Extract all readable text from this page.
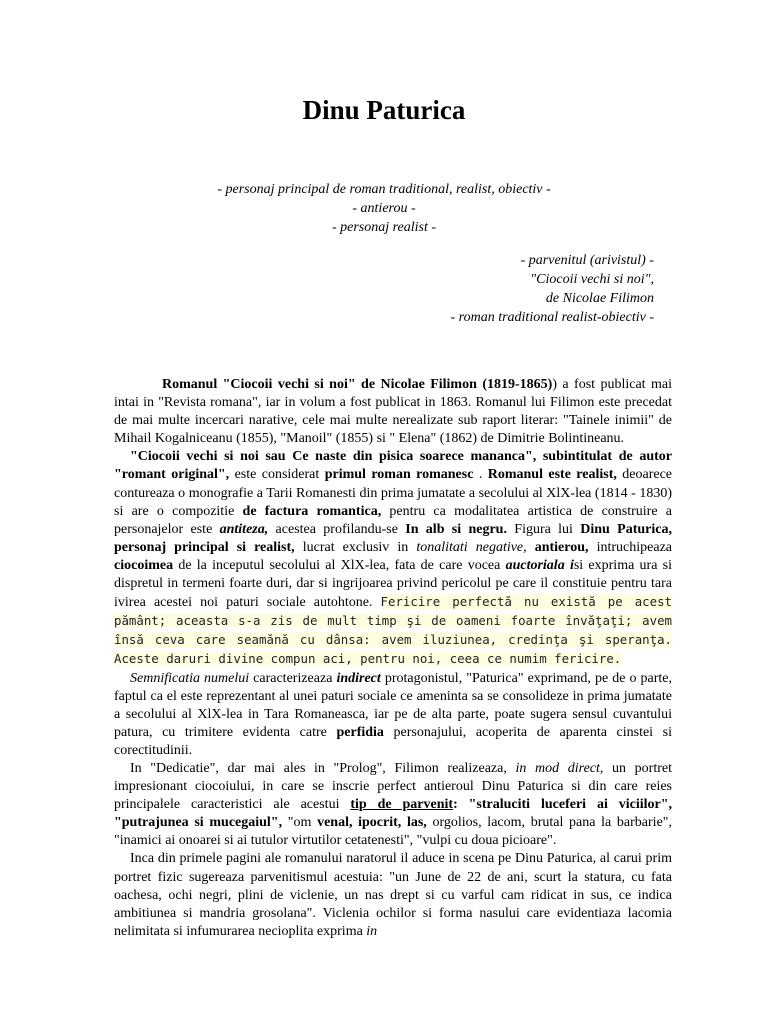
Dinu Paturica
- personaj principal de roman traditional, realist, obiectiv -
- antierou -
- personaj realist -
- parvenitul (arivistul) -
"Ciocoii vechi si noi",
de Nicolae Filimon
- roman traditional realist-obiectiv -

Romanul "Ciocoii vechi si noi" de Nicolae Filimon (1819-1865)) a fost publicat mai intai in "Revista romana", iar in volum a fost publicat in 1863. Romanul lui Filimon este precedat de mai multe incercari narative, cele mai multe nerealizate sub raport literar: "Tainele inimii" de Mihail Kogalniceanu (1855), "Manoil" (1855) si " Elena" (1862) de Dimitrie Bolintineanu.

"Ciocoii vechi si noi sau Ce naste din pisica soarece mananca", subintitulat de autor "romant original", este considerat primul roman romanesc . Romanul este realist, deoarece contureaza o monografie a Tarii Romanesti din prima jumatate a secolului al XlX-lea (1814 - 1830) si are o compozitie de factura romantica, pentru ca modalitatea artistica de construire a personajelor este antiteza, acestea profilandu-se In alb si negru. Figura lui Dinu Paturica, personaj principal si realist, lucrat exclusiv in tonalitati negative, antierou, intruchipeaza ciocoimea de la inceputul secolului al XlX-lea, fata de care vocea auctoriala isi exprima ura si dispretul in termeni foarte duri, dar si ingrijoarea privind pericolul pe care il constituie pentru tara ivirea acestei noi paturi sociale autohtone. Fericire perfectă nu există pe acest pământ; aceasta s-a zis de mult timp şi de oameni foarte învăţaţi; avem însă ceva care seamănă cu dânsa: avem iluziunea, credinţa şi speranţa. Aceste daruri divine compun aci, pentru noi, ceea ce numim fericire.

Semnificatia numelui caracterizeaza indirect protagonistul, "Paturica" exprimand, pe de o parte, faptul ca el este reprezentant al unei paturi sociale ce ameninta sa se consolideze in prima jumatate a secolului al XlX-lea in Tara Romaneasca, iar pe de alta parte, poate sugera sensul cuvantului patura, cu trimitere evidenta catre perfidia personajului, acoperita de aparenta cinstei si corectitudinii.

In "Dedicatie", dar mai ales in "Prolog", Filimon realizeaza, in mod direct, un portret impresionant ciocoiului, in care se inscrie perfect antieroul Dinu Paturica si din care reies principalele caracteristici ale acestui tip de parvenit: "straluciti luceferi ai viciilor", "putrajunea si mucegaiul", "om venal, ipocrit, las, orgolios, lacom, brutal pana la barbarie", "inamici ai onoarei si ai tutulor virtutilor cetatenesti", "vulpi cu doua picioare".

Inca din primele pagini ale romanului naratorul il aduce in scena pe Dinu Paturica, al carui prim portret fizic sugereaza parvenitismul acestuia: "un June de 22 de ani, scurt la statura, cu fata oachesa, ochi negri, plini de viclenie, un nas drept si cu varful cam ridicat in sus, ce indica ambitiunea si mandria grosolana". Viclenia ochilor si forma nasului care evidentiaza lacomia nelimitata si infumurarea necioplita exprima in
